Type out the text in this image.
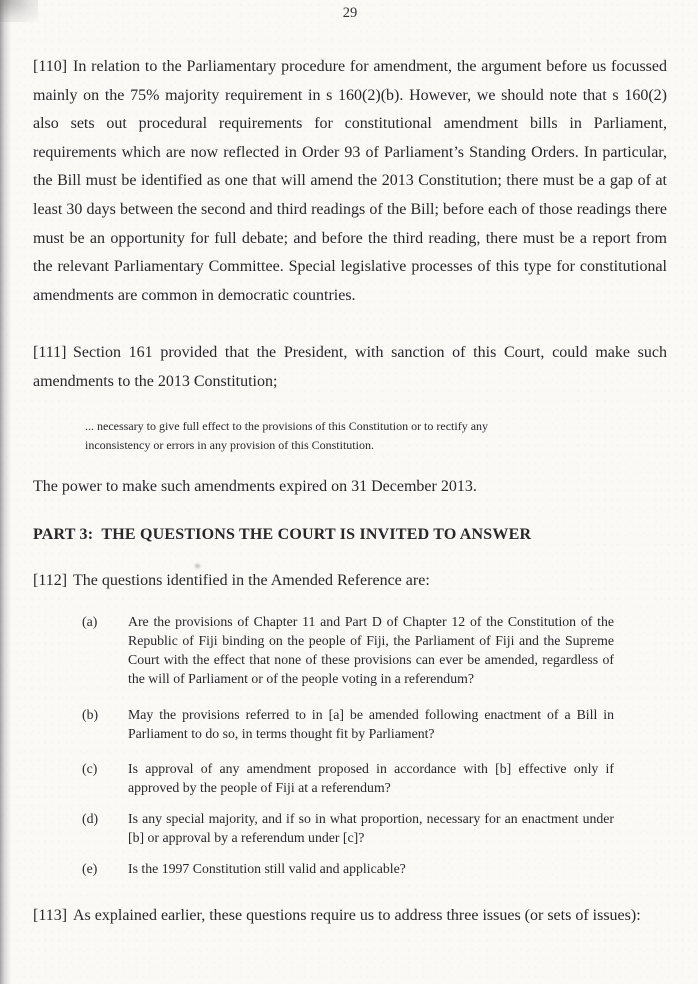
29

[110] In relation to the Parliamentary procedure for amendment, the argument before us focussed mainly on the 75% majority requirement in s 160(2)(b). However, we should note that s 160(2) also sets out procedural requirements for constitutional amendment bills in Parliament, requirements which are now reflected in Order 93 of Parliament’s Standing Orders. In particular, the Bill must be identified as one that will amend the 2013 Constitution; there must be a gap of at least 30 days between the second and third readings of the Bill; before each of those readings there must be an opportunity for full debate; and before the third reading, there must be a report from the relevant Parliamentary Committee. Special legislative processes of this type for constitutional amendments are common in democratic countries.

[111] Section 161 provided that the President, with sanction of this Court, could make such amendments to the 2013 Constitution;

... necessary to give full effect to the provisions of this Constitution or to rectify any
inconsistency or errors in any provision of this Constitution.

The power to make such amendments expired on 31 December 2013.

PART 3:  THE QUESTIONS THE COURT IS INVITED TO ANSWER

[112] The questions identified in the Amended Reference are:

(a)	Are the provisions of Chapter 11 and Part D of Chapter 12 of the Constitution of the Republic of Fiji binding on the people of Fiji, the Parliament of Fiji and the Supreme Court with the effect that none of these provisions can ever be amended, regardless of the will of Parliament or of the people voting in a referendum?
(b)	May the provisions referred to in [a] be amended following enactment of a Bill in Parliament to do so, in terms thought fit by Parliament?
(c)	Is approval of any amendment proposed in accordance with [b] effective only if approved by the people of Fiji at a referendum?
(d)	Is any special majority, and if so in what proportion, necessary for an enactment under [b] or approval by a referendum under [c]?
(e)	Is the 1997 Constitution still valid and applicable?

[113] As explained earlier, these questions require us to address three issues (or sets of issues):
